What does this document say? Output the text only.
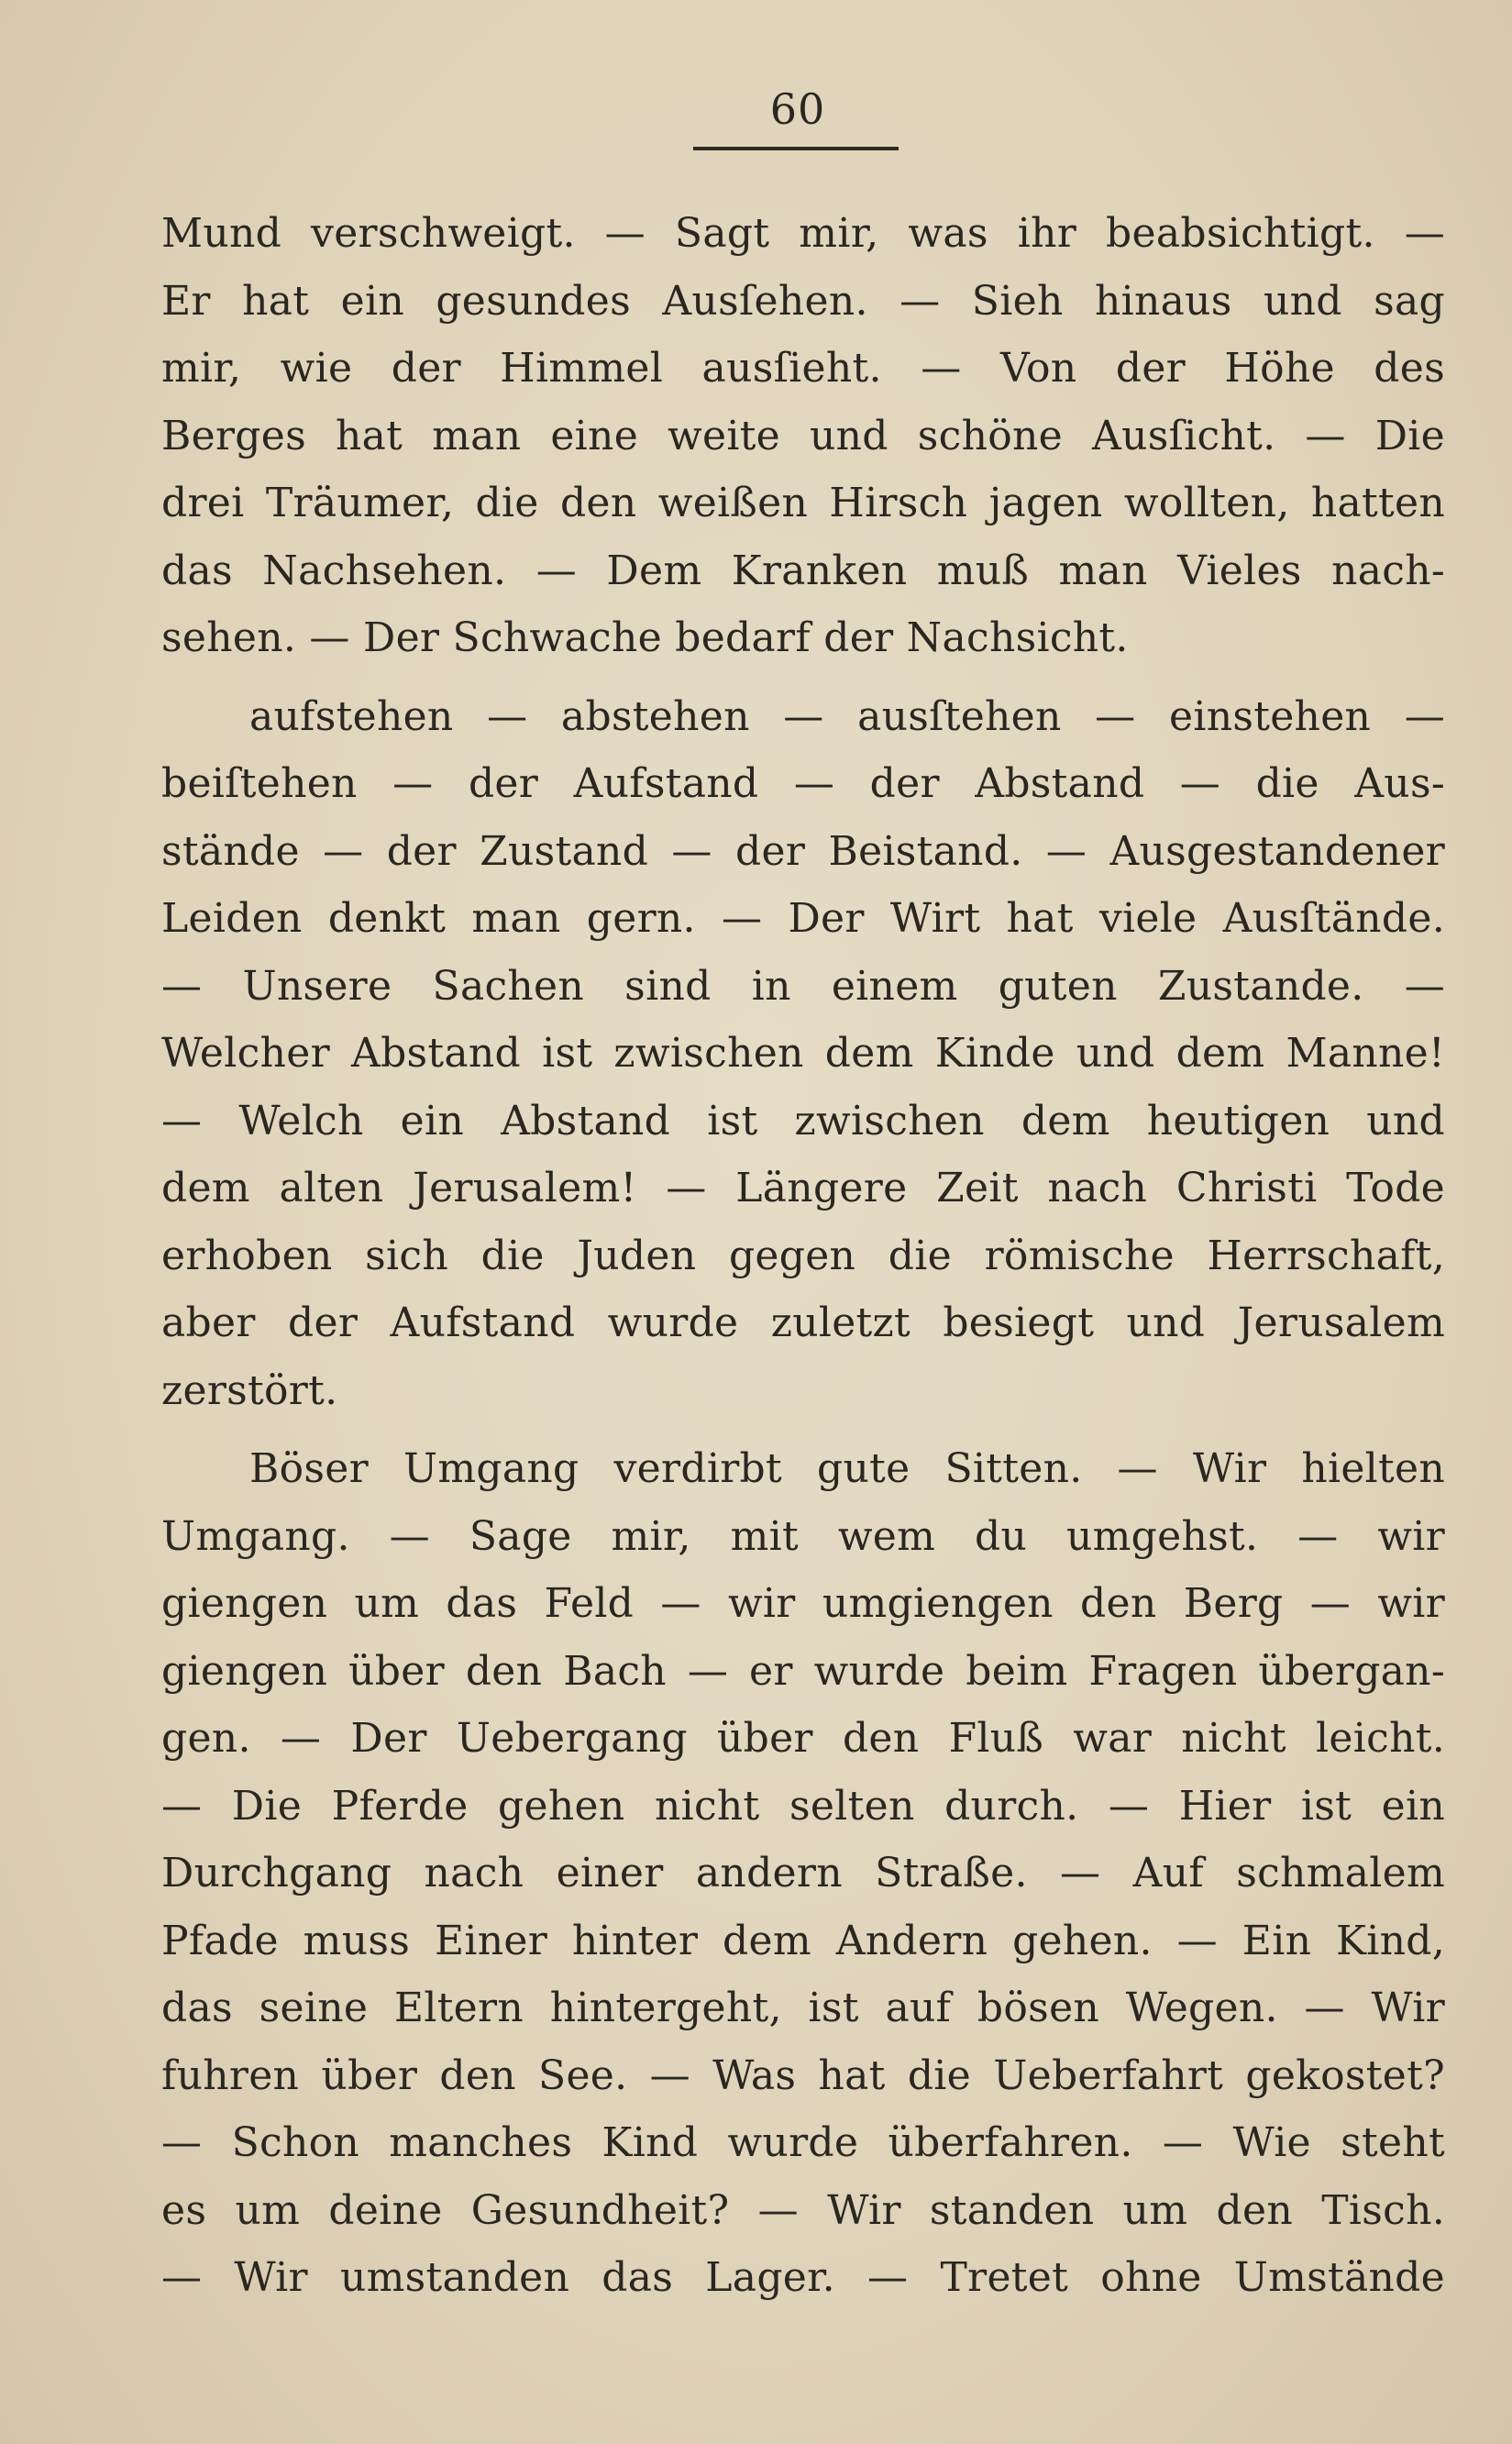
60
Mund verschweigt. — Sagt mir, was ihr beabsichtigt. —
Er hat ein gesundes Ausſehen. — Sieh hinaus und sag
mir, wie der Himmel ausſieht. — Von der Höhe des
Berges hat man eine weite und schöne Ausſicht. — Die
drei Träumer, die den weißen Hirsch jagen wollten, hatten
das Nachsehen. — Dem Kranken muß man Vieles nach-
sehen. — Der Schwache bedarf der Nachsicht.
aufstehen — abstehen — ausſtehen — einstehen —
beiſtehen — der Aufstand — der Abstand — die Aus-
stände — der Zustand — der Beistand. — Ausgestandener
Leiden denkt man gern. — Der Wirt hat viele Ausſtände.
— Unsere Sachen sind in einem guten Zustande. —
Welcher Abstand ist zwischen dem Kinde und dem Manne!
— Welch ein Abstand ist zwischen dem heutigen und
dem alten Jerusalem! — Längere Zeit nach Christi Tode
erhoben sich die Juden gegen die römische Herrschaft,
aber der Aufstand wurde zuletzt besiegt und Jerusalem
zerstört.
Böser Umgang verdirbt gute Sitten. — Wir hielten
Umgang. — Sage mir, mit wem du umgehst. — wir
giengen um das Feld — wir umgiengen den Berg — wir
giengen über den Bach — er wurde beim Fragen übergan-
gen. — Der Uebergang über den Fluß war nicht leicht.
— Die Pferde gehen nicht selten durch. — Hier ist ein
Durchgang nach einer andern Straße. — Auf schmalem
Pfade muss Einer hinter dem Andern gehen. — Ein Kind,
das seine Eltern hintergeht, ist auf bösen Wegen. — Wir
fuhren über den See. — Was hat die Ueberfahrt gekostet?
— Schon manches Kind wurde überfahren. — Wie steht
es um deine Gesundheit? — Wir standen um den Tisch.
— Wir umstanden das Lager. — Tretet ohne Umstände
